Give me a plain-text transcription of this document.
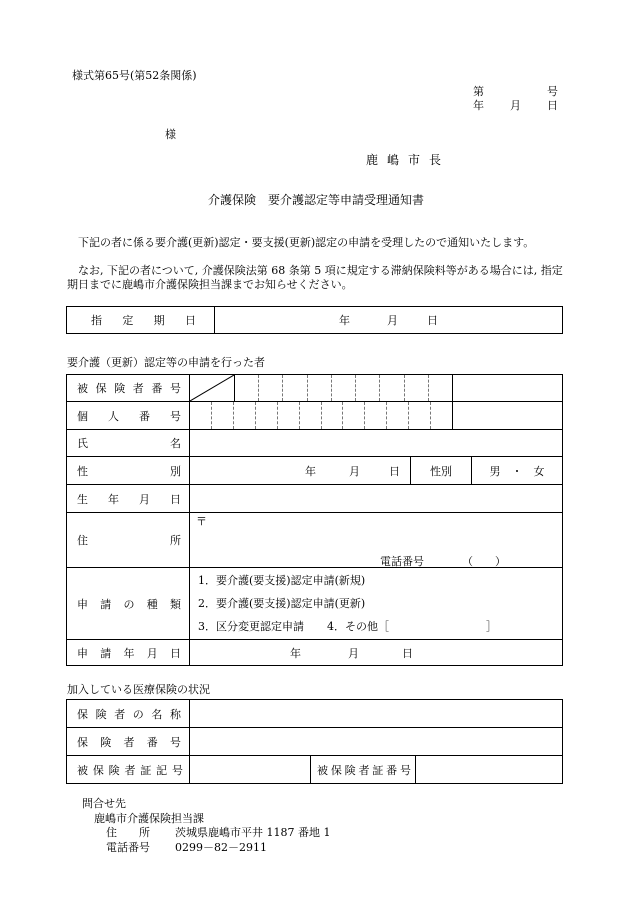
様式第65号(第52条関係)
第	号
年 月 日
様
鹿嶋市長
介護保険　要介護認定等申請受理通知書
下記の者に係る要介護(更新)認定・要支援(更新)認定の申請を受理したので通知いたします。
なお, 下記の者について, 介護保険法第 68 条第 5 項に規定する滞納保険料等がある場合には, 指定期日までに鹿嶋市介護保険担当課までお知らせください。
指定期日	年	月	日
要介護（更新）認定等の申請を行った者
被保険者番号	

個人番号			

氏名			
性別	年 月 日	性別	男　・　女
生年月日			
住所	〒
電話番号 （　　）		

申請の種類	1．要介護(要支援)認定申請(新規)
2．要介護(要支援)認定申請(更新)
3．区分変更認定申請 4．その他［ ］		

申請年月日	年 月 日		
加入している医療保険の状況
保険者の名称			
保険者番号			
被保険者証記号		被保険者証番号	
問合せ先
鹿嶋市介護保険担当課
住　　所 茨城県鹿嶋市平井 1187 番地 1
電話番号 0299－82－2911
